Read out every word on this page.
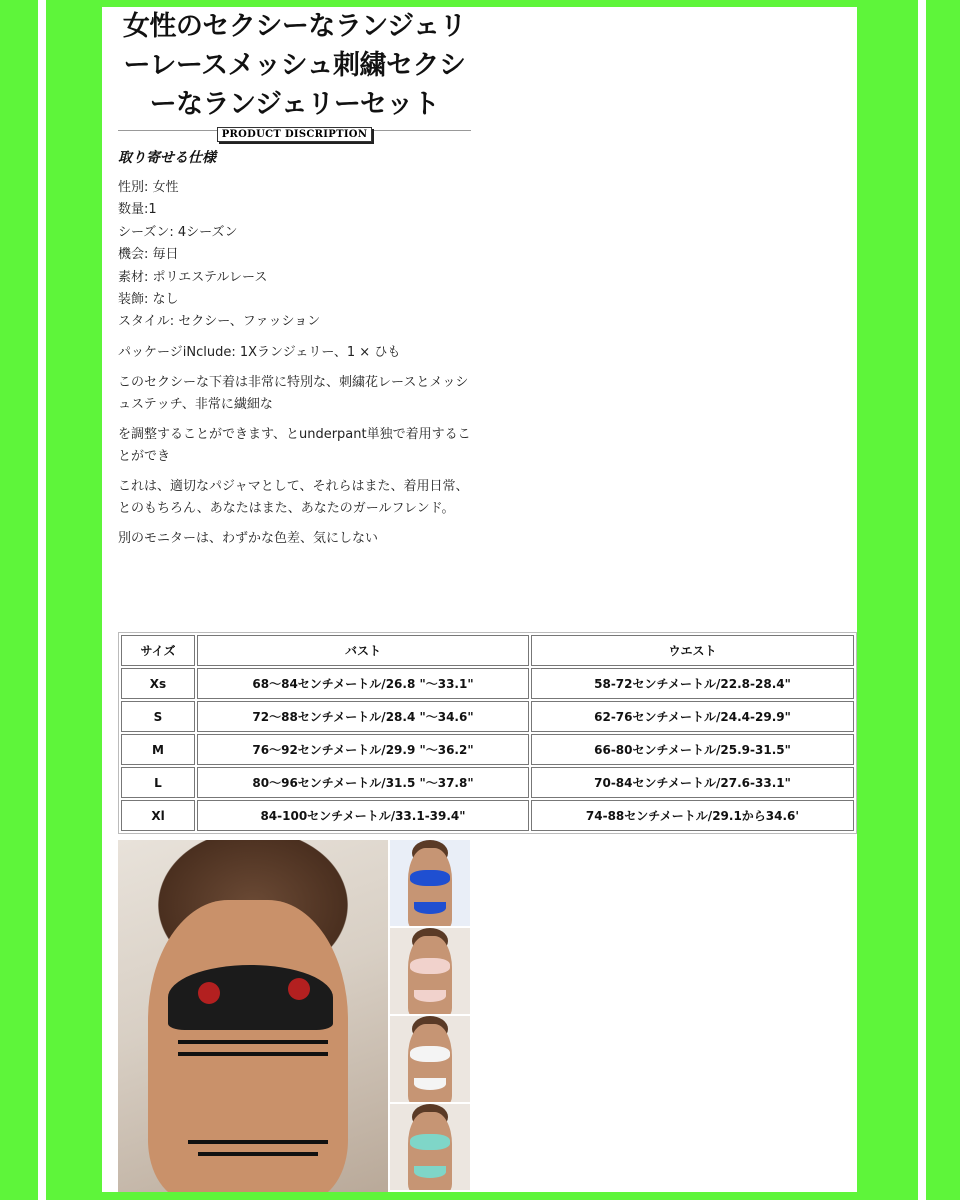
女性のセクシーなランジェリーレースメッシュ刺繍セクシーなランジェリーセット
PRODUCT DISCRIPTION
取り寄せる仕様
性別: 女性
数量:1
シーズン: 4シーズン
機会: 毎日
素材: ポリエステルレース
装飾: なし
スタイル: セクシー、ファッション

パッケージiNclude: 1Xランジェリー、1 × ひも

このセクシーな下着は非常に特別な、刺繍花レースとメッシュステッチ、非常に繊細な

を調整することができます、とunderpant単独で着用することができ

これは、適切なパジャマとして、それらはまた、着用日常、とのもちろん、あなたはまた、あなたのガールフレンド。

別のモニターは、わずかな色差、気にしない

サイズ	バスト	ウエスト
Xs	68〜84センチメートル/26.8 "〜33.1"	58-72センチメートル/22.8-28.4"
S	72〜88センチメートル/28.4 "〜34.6"	62-76センチメートル/24.4-29.9"
M	76〜92センチメートル/29.9 "〜36.2"	66-80センチメートル/25.9-31.5"
L	80〜96センチメートル/31.5 "〜37.8"	70-84センチメートル/27.6-33.1"
Xl	84-100センチメートル/33.1-39.4"	74-88センチメートル/29.1から34.6'
